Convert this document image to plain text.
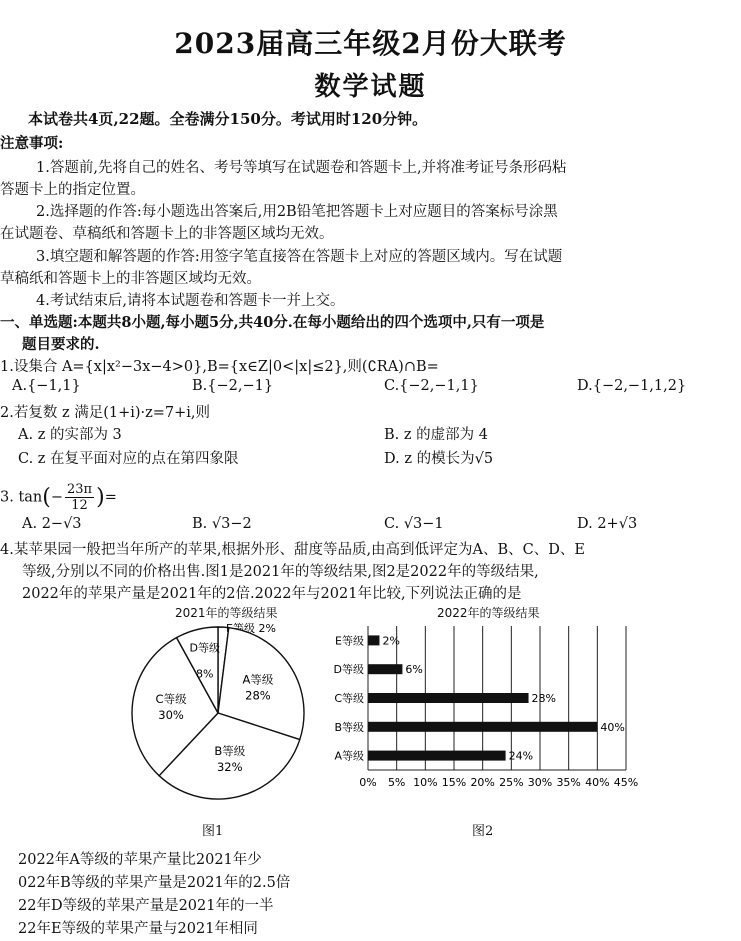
2023届高三年级2月份大联考
数学试题
本试卷共4页,22题。全卷满分150分。考试用时120分钟。
注意事项:
1.答题前,先将自己的姓名、考号等填写在试题卷和答题卡上,并将准考证号条形码粘
答题卡上的指定位置。
2.选择题的作答:每小题选出答案后,用2B铅笔把答题卡上对应题目的答案标号涂黑
在试题卷、草稿纸和答题卡上的非答题区域均无效。
3.填空题和解答题的作答:用签字笔直接答在答题卡上对应的答题区域内。写在试题
草稿纸和答题卡上的非答题区域均无效。
4.考试结束后,请将本试题卷和答题卡一并上交。
一、单选题:本题共8小题,每小题5分,共40分.在每小题给出的四个选项中,只有一项是
题目要求的.
1.设集合 A={x|x²−3x−4>0},B={x∈Z|0<|x|≤2},则(∁RA)∩B=
A.{−1,1}	B.{−2,−1}	C.{−2,−1,1}	D.{−2,−1,1,2}
2.若复数 z 满足(1+i)·z=7+i,则
A. z 的实部为 3	B. z 的虚部为 4
C. z 在复平面对应的点在第四象限	D. z 的模长为√5
3. $\tan(- \frac{23\pi}{12}$ )=
A. 2−√3	B. √3−2	C. √3−1	D. 2+√3
4.某苹果园一般把当年所产的苹果,根据外形、甜度等品质,由高到低评定为A、B、C、D、E
等级,分别以不同的价格出售.图1是2021年的等级结果,图2是2022年的等级结果,
2022年的苹果产量是2021年的2倍.2022年与2021年比较,下列说法正确的是
2021年的等级结果
E等级 2%
A等级
28%
B等级
32%
C等级
30%
D等级
8%
图1
2022年的等级结果
0% 5% 10% 15% 20% 25% 30% 35% 40% 45%
E等级 2%
D等级	6%
C等级	28%
B等级	40%
A等级	24%
图2
2022年A等级的苹果产量比2021年少
022年B等级的苹果产量是2021年的2.5倍
22年D等级的苹果产量是2021年的一半
22年E等级的苹果产量与2021年相同
